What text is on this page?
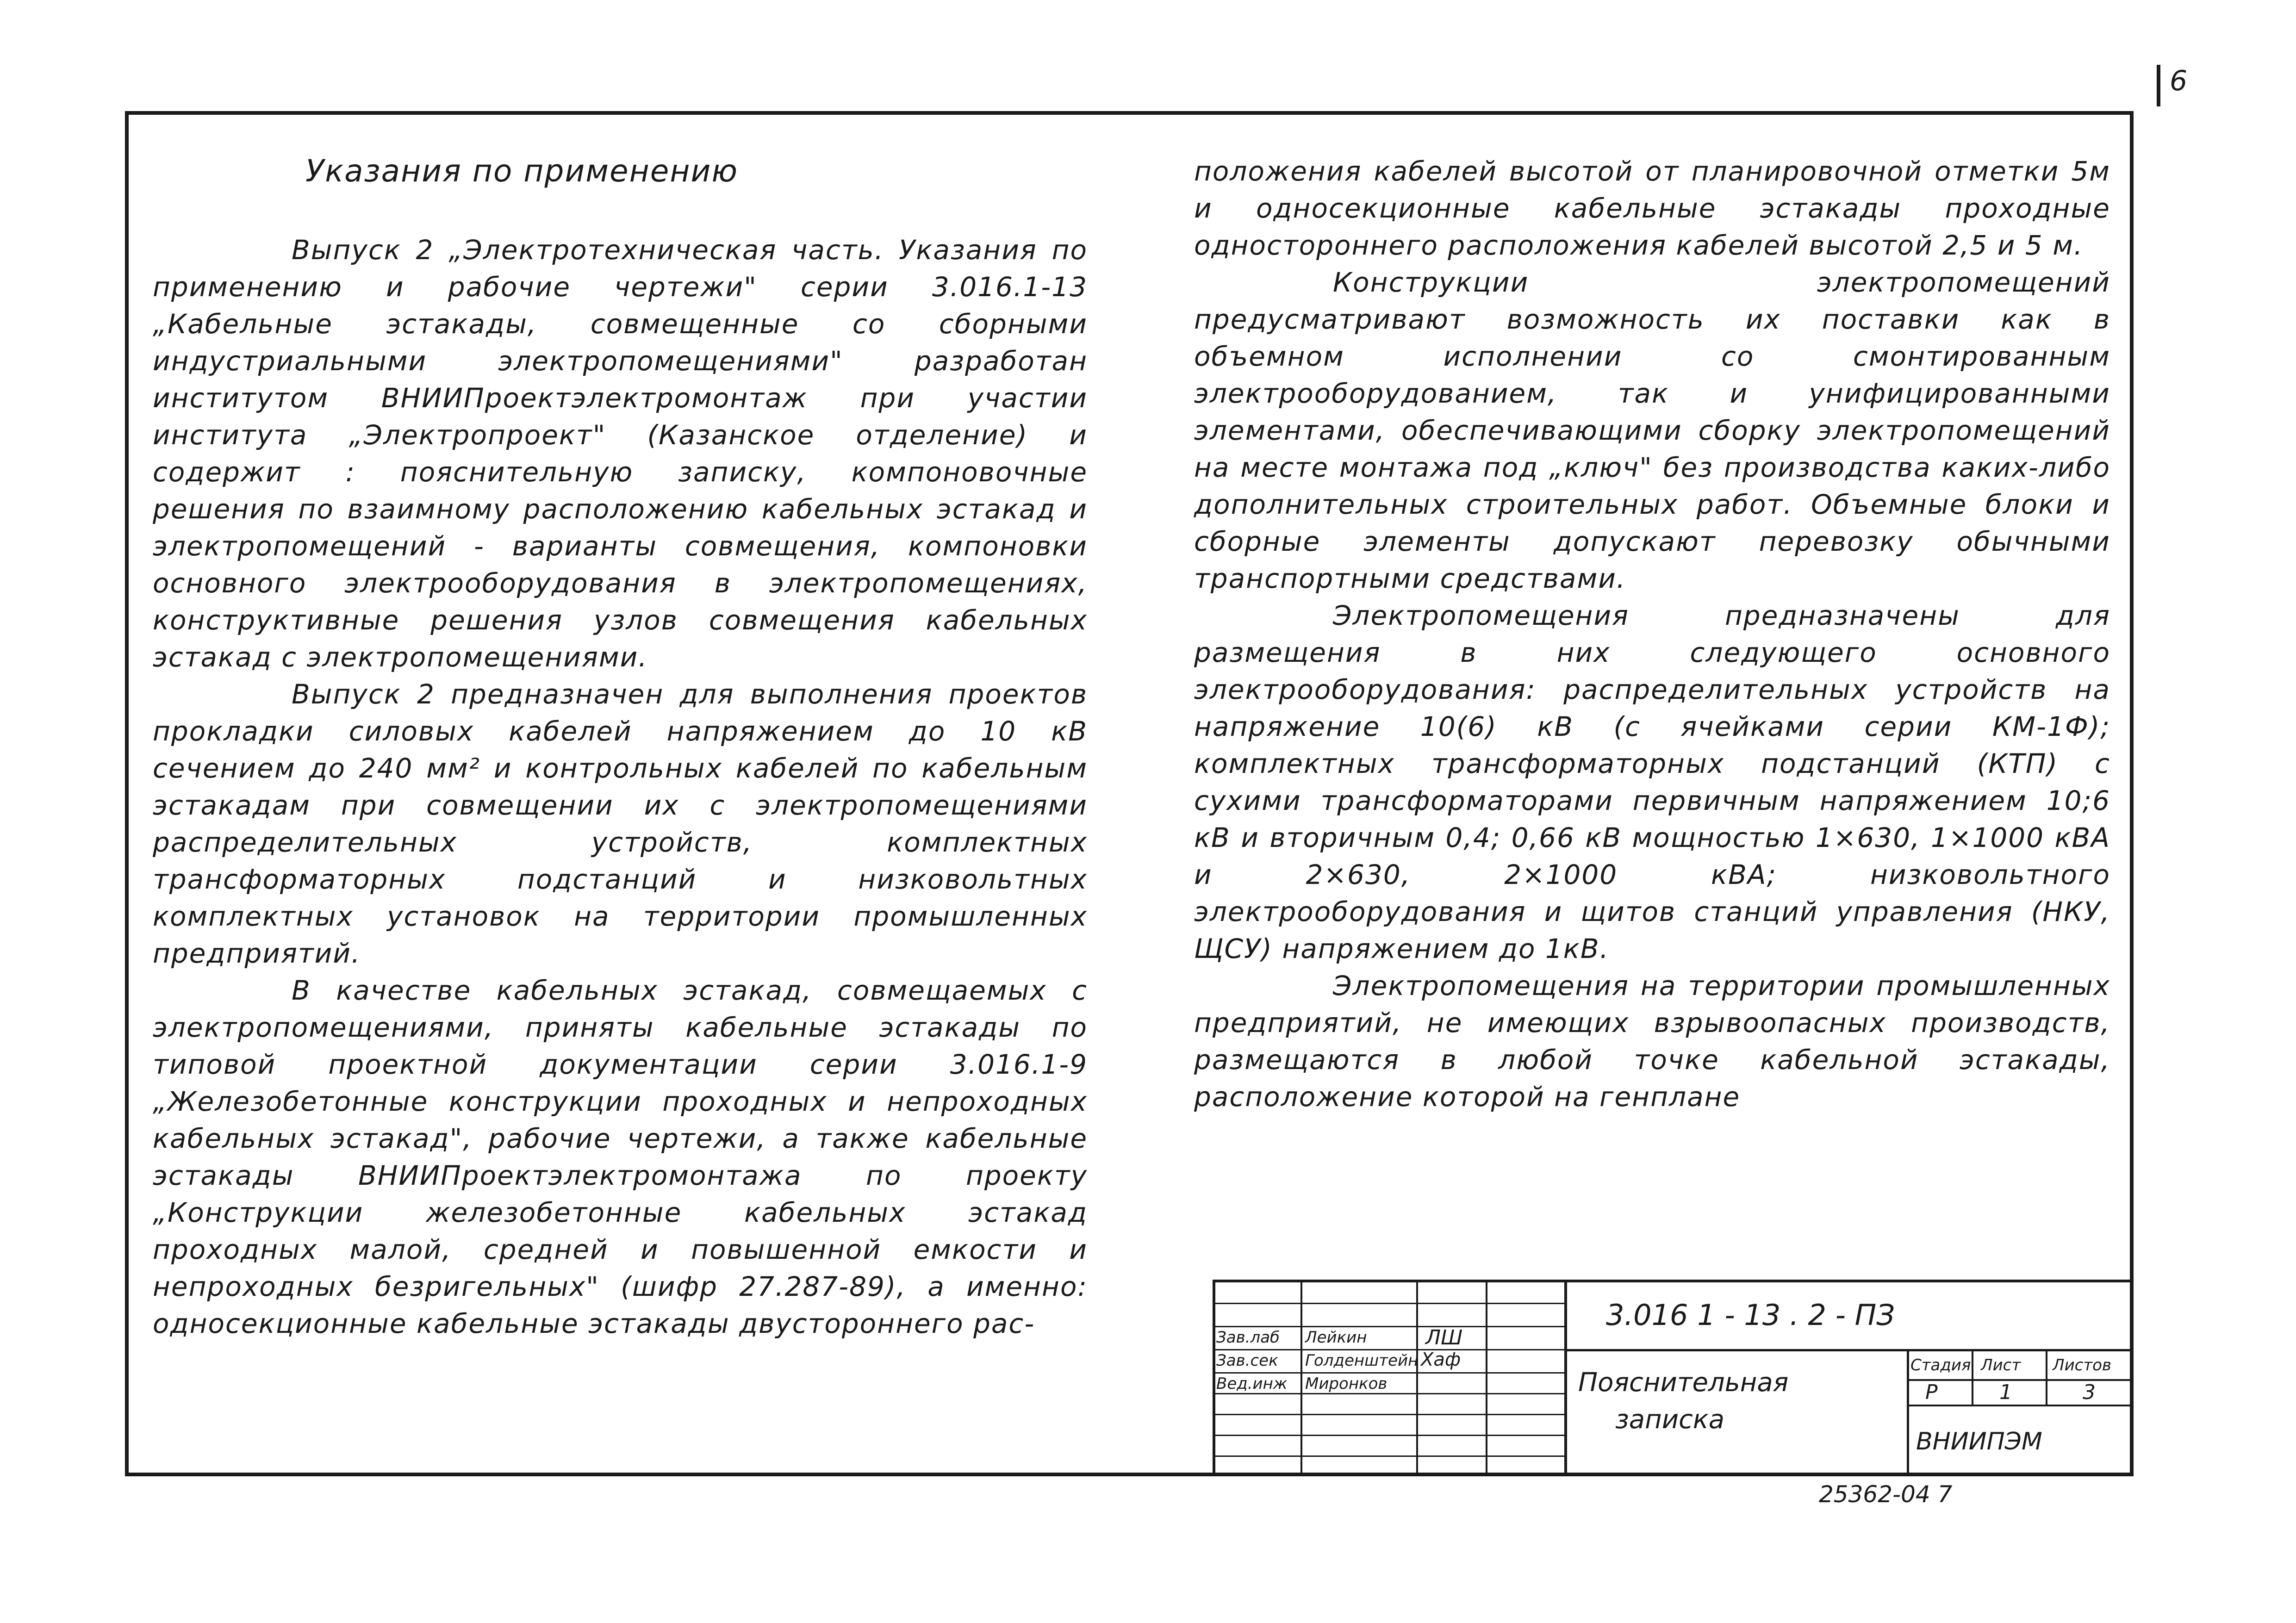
6

Указания по применению

Выпуск 2 „Электротехническая часть. Указания по применению и рабочие чертежи" серии 3.016.1-13 „Кабельные эстакады, совмещенные со сборными индустриальными электропомещениями" разработан институтом ВНИИПроектэлектромонтаж при участии института „Электропроект" (Казанское отделение) и содержит : пояснительную записку, компоновочные решения по взаимному расположению кабельных эстакад и электропомещений - варианты совмещения, компоновки основного электрооборудования в электропомещениях, конструктивные решения узлов совмещения кабельных эстакад с электропомещениями.

Выпуск 2 предназначен для выполнения проектов прокладки силовых кабелей напряжением до 10 кВ сечением до 240 мм² и контрольных кабелей по кабельным эстакадам при совмещении их с электропомещениями распределительных устройств, комплектных трансформаторных подстанций и низковольтных комплектных установок на территории промышленных предприятий.

В качестве кабельных эстакад, совмещаемых с электропомещениями, приняты кабельные эстакады по типовой проектной документации серии 3.016.1-9 „Железобетонные конструкции проходных и непроходных кабельных эстакад", рабочие чертежи, а также кабельные эстакады ВНИИПроектэлектромонтажа по проекту „Конструкции железобетонные кабельных эстакад проходных малой, средней и повышенной емкости и непроходных безригельных" (шифр 27.287-89), а именно: односекционные кабельные эстакады двустороннего рас-

положения кабелей высотой от планировочной отметки 5м и односекционные кабельные эстакады проходные одностороннего расположения кабелей высотой 2,5 и 5 м.

Конструкции электропомещений предусматривают возможность их поставки как в объемном исполнении со смонтированным электрооборудованием, так и унифицированными элементами, обеспечивающими сборку электропомещений на месте монтажа под „ключ" без производства каких-либо дополнительных строительных работ. Объемные блоки и сборные элементы допускают перевозку обычными транспортными средствами.

Электропомещения предназначены для размещения в них следующего основного электрооборудования: распределительных устройств на напряжение 10(6) кВ (с ячейками серии КМ-1Ф); комплектных трансформаторных подстанций (КТП) с сухими трансформаторами первичным напряжением 10;6 кВ и вторичным 0,4; 0,66 кВ мощностью 1×630, 1×1000 кВА и 2×630, 2×1000 кВА; низковольтного электрооборудования и щитов станций управления (НКУ, ЩСУ) напряжением до 1кВ.

Электропомещения на территории промышленных предприятий, не имеющих взрывоопасных производств, размещаются в любой точке кабельной эстакады, расположение которой на генплане

Зав.лаб Лейкин	ЛШ
Зав.сек Голденштейн Хаф
Вед.инж Миронков
3.016 1 - 13 . 2 - ПЗ
Пояснительная
записка
Стадия Лист Листов
Р	1	3
ВНИИПЭМ
25362-04 7
